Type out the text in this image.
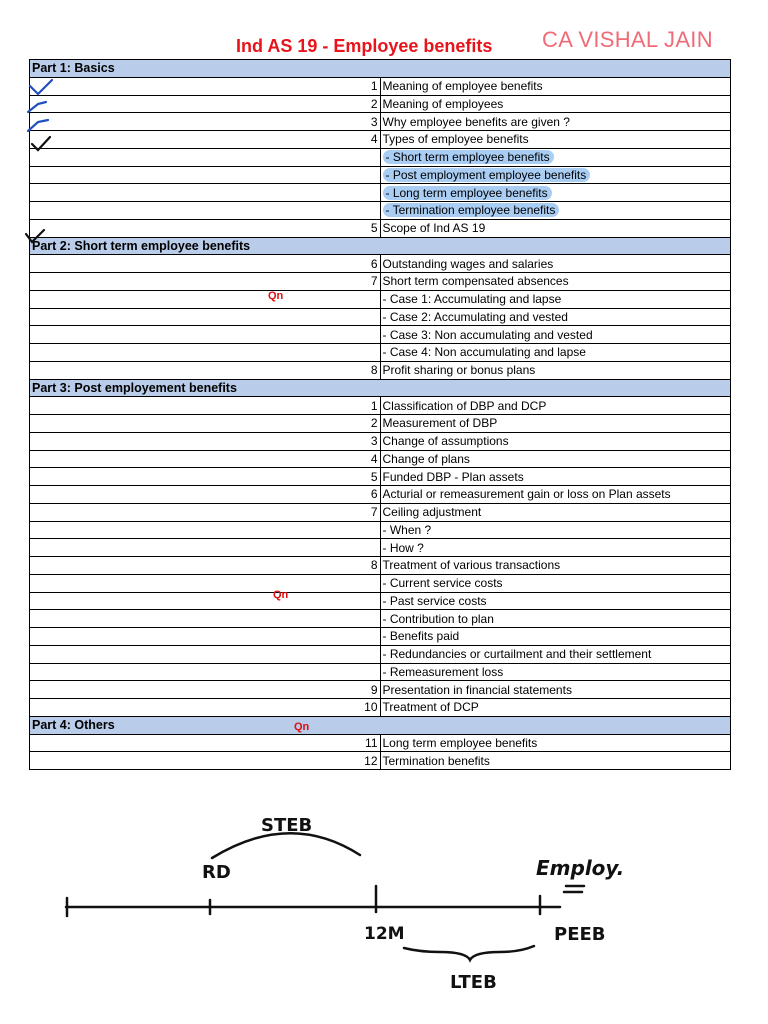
Ind AS 19 - Employee benefits CA VISHAL JAIN
Part 1: Basics	
1	Meaning of employee benefits
2	Meaning of employees
3	Why employee benefits are given ?
4	Types of employee benefits
	- Short term employee benefits
	- Post employment employee benefits
	- Long term employee benefits
	- Termination employee benefits
5	Scope of Ind AS 19
Part 2: Short term employee benefits	
6	Outstanding wages and salaries
7	Short term compensated absences
	- Case 1: Accumulating and lapse
	- Case 2: Accumulating and vested
	- Case 3: Non accumulating and vested
	- Case 4: Non accumulating and lapse
8	Profit sharing or bonus plans
Part 3: Post employement benefits	
1	Classification of DBP and DCP
2	Measurement of DBP
3	Change of assumptions
4	Change of plans
5	Funded DBP - Plan assets
6	Acturial or remeasurement gain or loss on Plan assets
7	Ceiling adjustment
	- When ?
	- How ?
8	Treatment of various transactions
	- Current service costs
	- Past service costs
	- Contribution to plan
	- Benefits paid
	- Redundancies or curtailment and their settlement
	- Remeasurement loss
9	Presentation in financial statements
10	Treatment of DCP
Part 4: Others	
11	Long term employee benefits
12	Termination benefits
Qn
Qn
Qn
STEB
RD	Employ.
12M	PEEB
LTEB
